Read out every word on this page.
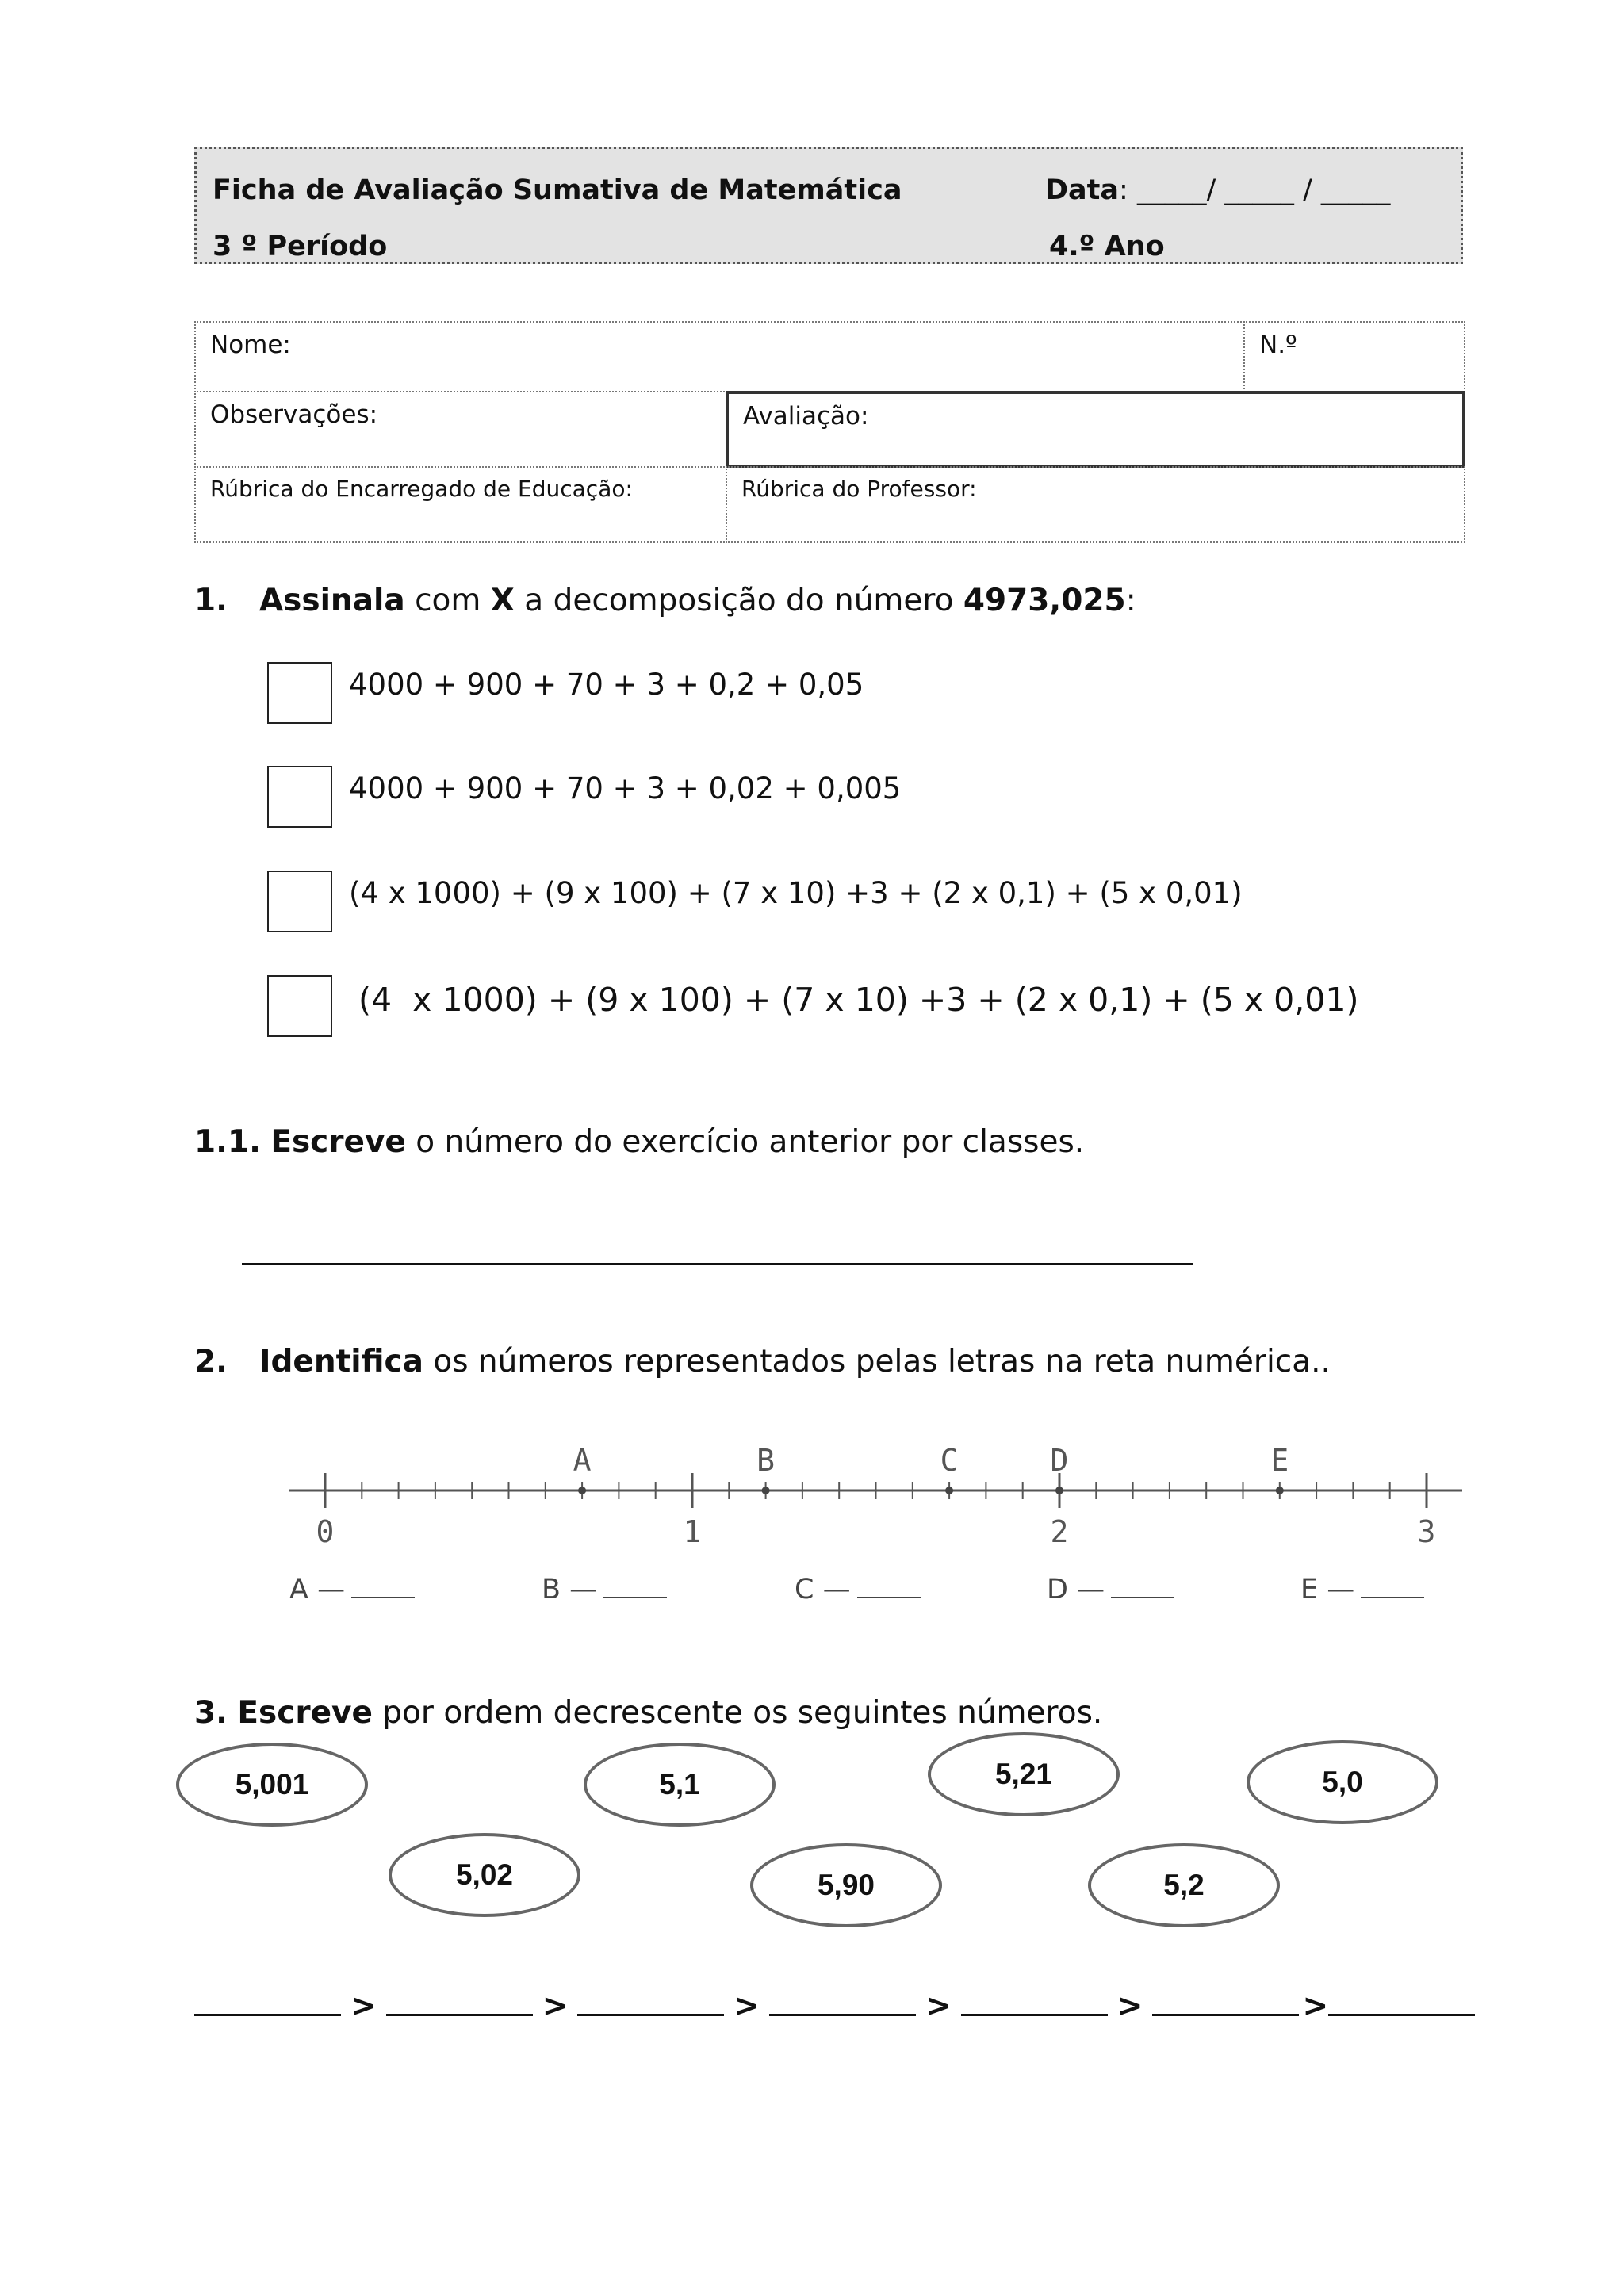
Ficha de Avaliação Sumativa de Matemática	Data: _____/ _____ / _____
3 º Período	4.º Ano
Nome:	N.º
Observações:	Avaliação:
Rúbrica do Encarregado de Educação:	Rúbrica do Professor:
1. Assinala com X a decomposição do número 4973,025:
4000 + 900 + 70 + 3 + 0,2 + 0,05
4000 + 900 + 70 + 3 + 0,02 + 0,005
(4 x 1000) + (9 x 100) + (7 x 10) +3 + (2 x 0,1) + (5 x 0,01)
(4  x 1000) + (9 x 100) + (7 x 10) +3 + (2 x 0,1) + (5 x 0,01)
1.1. Escreve o número do exercício anterior por classes.
2. Identifica os números representados pelas letras na reta numérica..
0	1	2	3
A	B	C	D	E
A —	B —	C —	D —	E —
3. Escreve por ordem decrescente os seguintes números.
5,001	5,1	5,21	5,0
5,02	5,90	5,2
>	>	>	>	>	>
